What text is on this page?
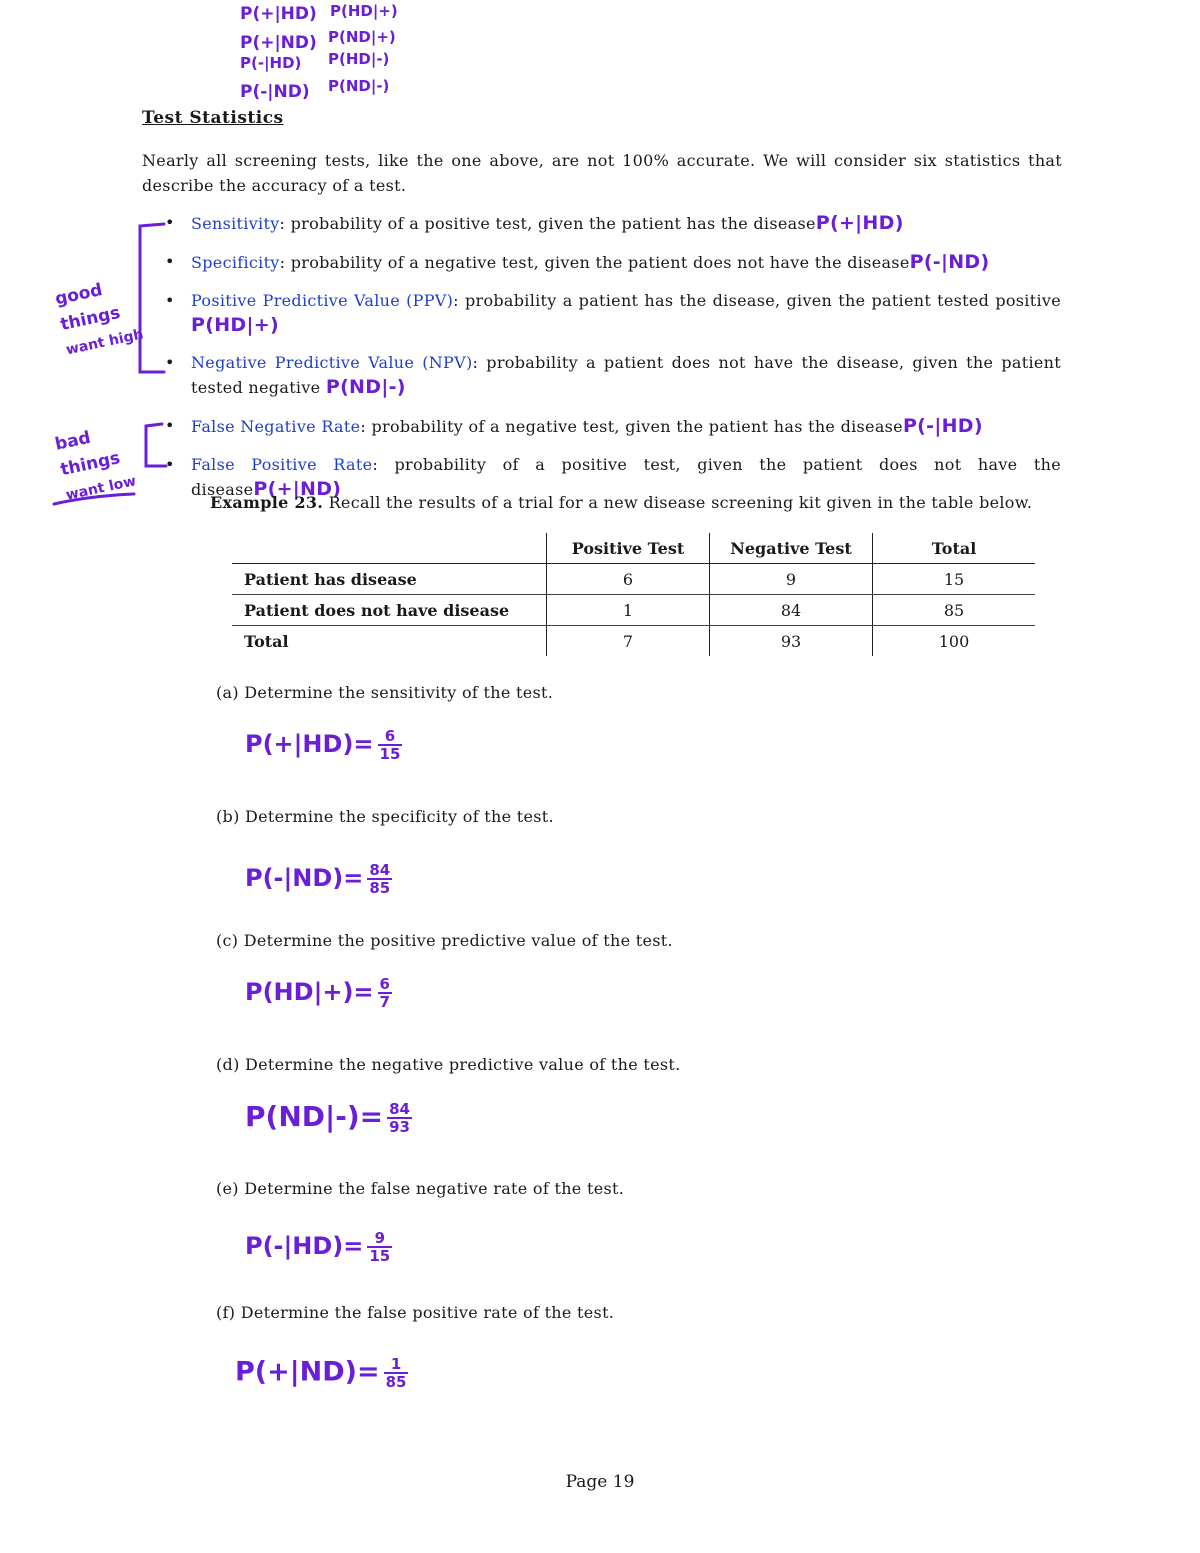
P(+|HD) P(HD|+)
P(+|ND) P(ND|+)
P(-|HD) P(HD|-)
P(-|ND) P(ND|-)
Test Statistics
Nearly all screening tests, like the one above, are not 100% accurate. We will consider six statistics that describe the accuracy of a test.
good
things
want high
bad
things
want low
• Sensitivity: probability of a positive test, given the patient has the diseaseP(+|HD)
• Specificity: probability of a negative test, given the patient does not have the diseaseP(-|ND)
• Positive Predictive Value (PPV): probability a patient has the disease, given the patient tested positive P(HD|+)
• Negative Predictive Value (NPV): probability a patient does not have the disease, given the patient tested negative P(ND|-)
• False Negative Rate: probability of a negative test, given the patient has the diseaseP(-|HD)
• False Positive Rate: probability of a positive test, given the patient does not have the diseaseP(+|ND)
Example 23. Recall the results of a trial for a new disease screening kit given in the table below.
	Positive Test	Negative Test	Total
Patient has disease	6	9	15
Patient does not have disease	1	84	85
Total	7	93	100
(a) Determine the sensitivity of the test.
$P(+|HD)= \frac{6}{15}$
(b) Determine the specificity of the test.
$P(-|ND)= \frac{84}{85}$
(c) Determine the positive predictive value of the test.
$P(HD|+)= \frac{6}{7}$
(d) Determine the negative predictive value of the test.
$P(ND|-)= \frac{84}{93}$
(e) Determine the false negative rate of the test.
$P(-|HD)= \frac{9}{15}$
(f) Determine the false positive rate of the test.
$P(+|ND)= \frac{1}{85}$
Page 19
